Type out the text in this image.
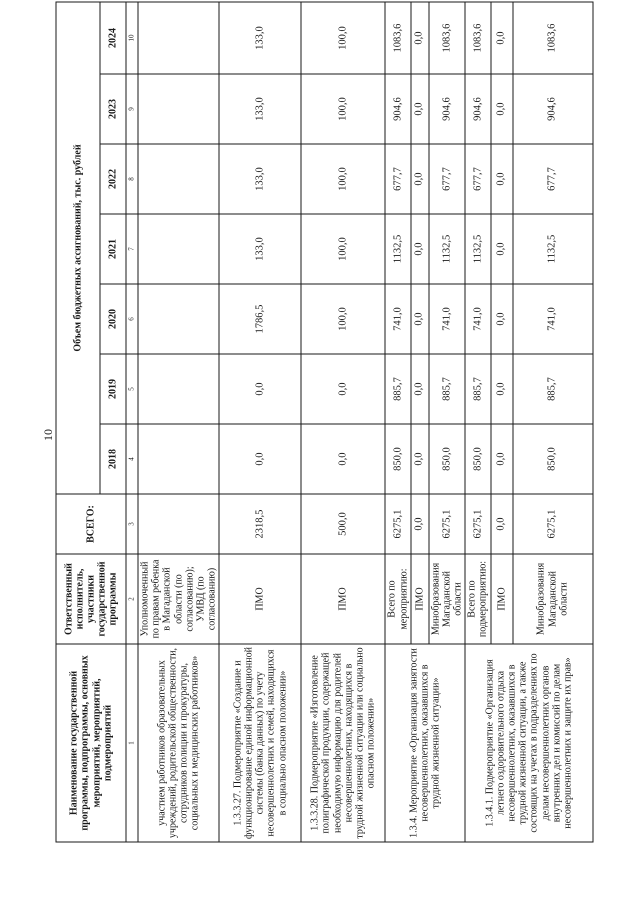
10
Наименование государственной программы, подпрограммы, основных мероприятий, мероприятий, подмероприятий	Ответственный исполнитель, участники государственной программы	ВСЕГО:	Объем бюджетных ассигнований, тыс. рублей						
			2018	2019	2020	2021	2022	2023	2024
1	2	3	4	5	6	7	8	9	10
участием работников образовательных учреждений, родительской общественности, сотрудников полиции и прокуратуры, социальных и медицинских работников»	Уполномоченный по правам ребенка в Магаданской области (по согласованию); УМВД (по согласованию)								
1.3.3.27. Подмероприятие «Создание и функционирование единой информационной системы (банка данных) по учету несовершеннолетних и семей, находящихся в социально опасном положении»	ПМО	2318,5	0,0	0,0	1786,5	133,0	133,0	133,0	133,0
1.3.3.28. Подмероприятие «Изготовление полиграфической продукции, содержащей необходимую информацию для родителей несовершеннолетних, находящихся в трудной жизненной ситуации или социально опасном положении»	ПМО	500,0	0,0	0,0	100,0	100,0	100,0	100,0	100,0
1.3.4. Мероприятие «Организация занятости несовершеннолетних, оказавшихся в трудной жизненной ситуации»	Всего по мероприятию:	6275,1	850,0	885,7	741,0	1132,5	677,7	904,6	1083,6
	ПМО	0,0	0,0	0,0	0,0	0,0	0,0	0,0	0,0
	Минобразования Магаданской области	6275,1	850,0	885,7	741,0	1132,5	677,7	904,6	1083,6
1.3.4.1. Подмероприятие «Организация летнего оздоровительного отдыха несовершеннолетних, оказавшихся в трудной жизненной ситуации, а также состоящих на учетах в подразделениях по делам несовершеннолетних органов внутренних дел и комиссий по делам несовершеннолетних и защите их прав»	Всего по подмероприятию:	6275,1	850,0	885,7	741,0	1132,5	677,7	904,6	1083,6
	ПМО	0,0	0,0	0,0	0,0	0,0	0,0	0,0	0,0
	Минобразования Магаданской области	6275,1	850,0	885,7	741,0	1132,5	677,7	904,6	1083,6
